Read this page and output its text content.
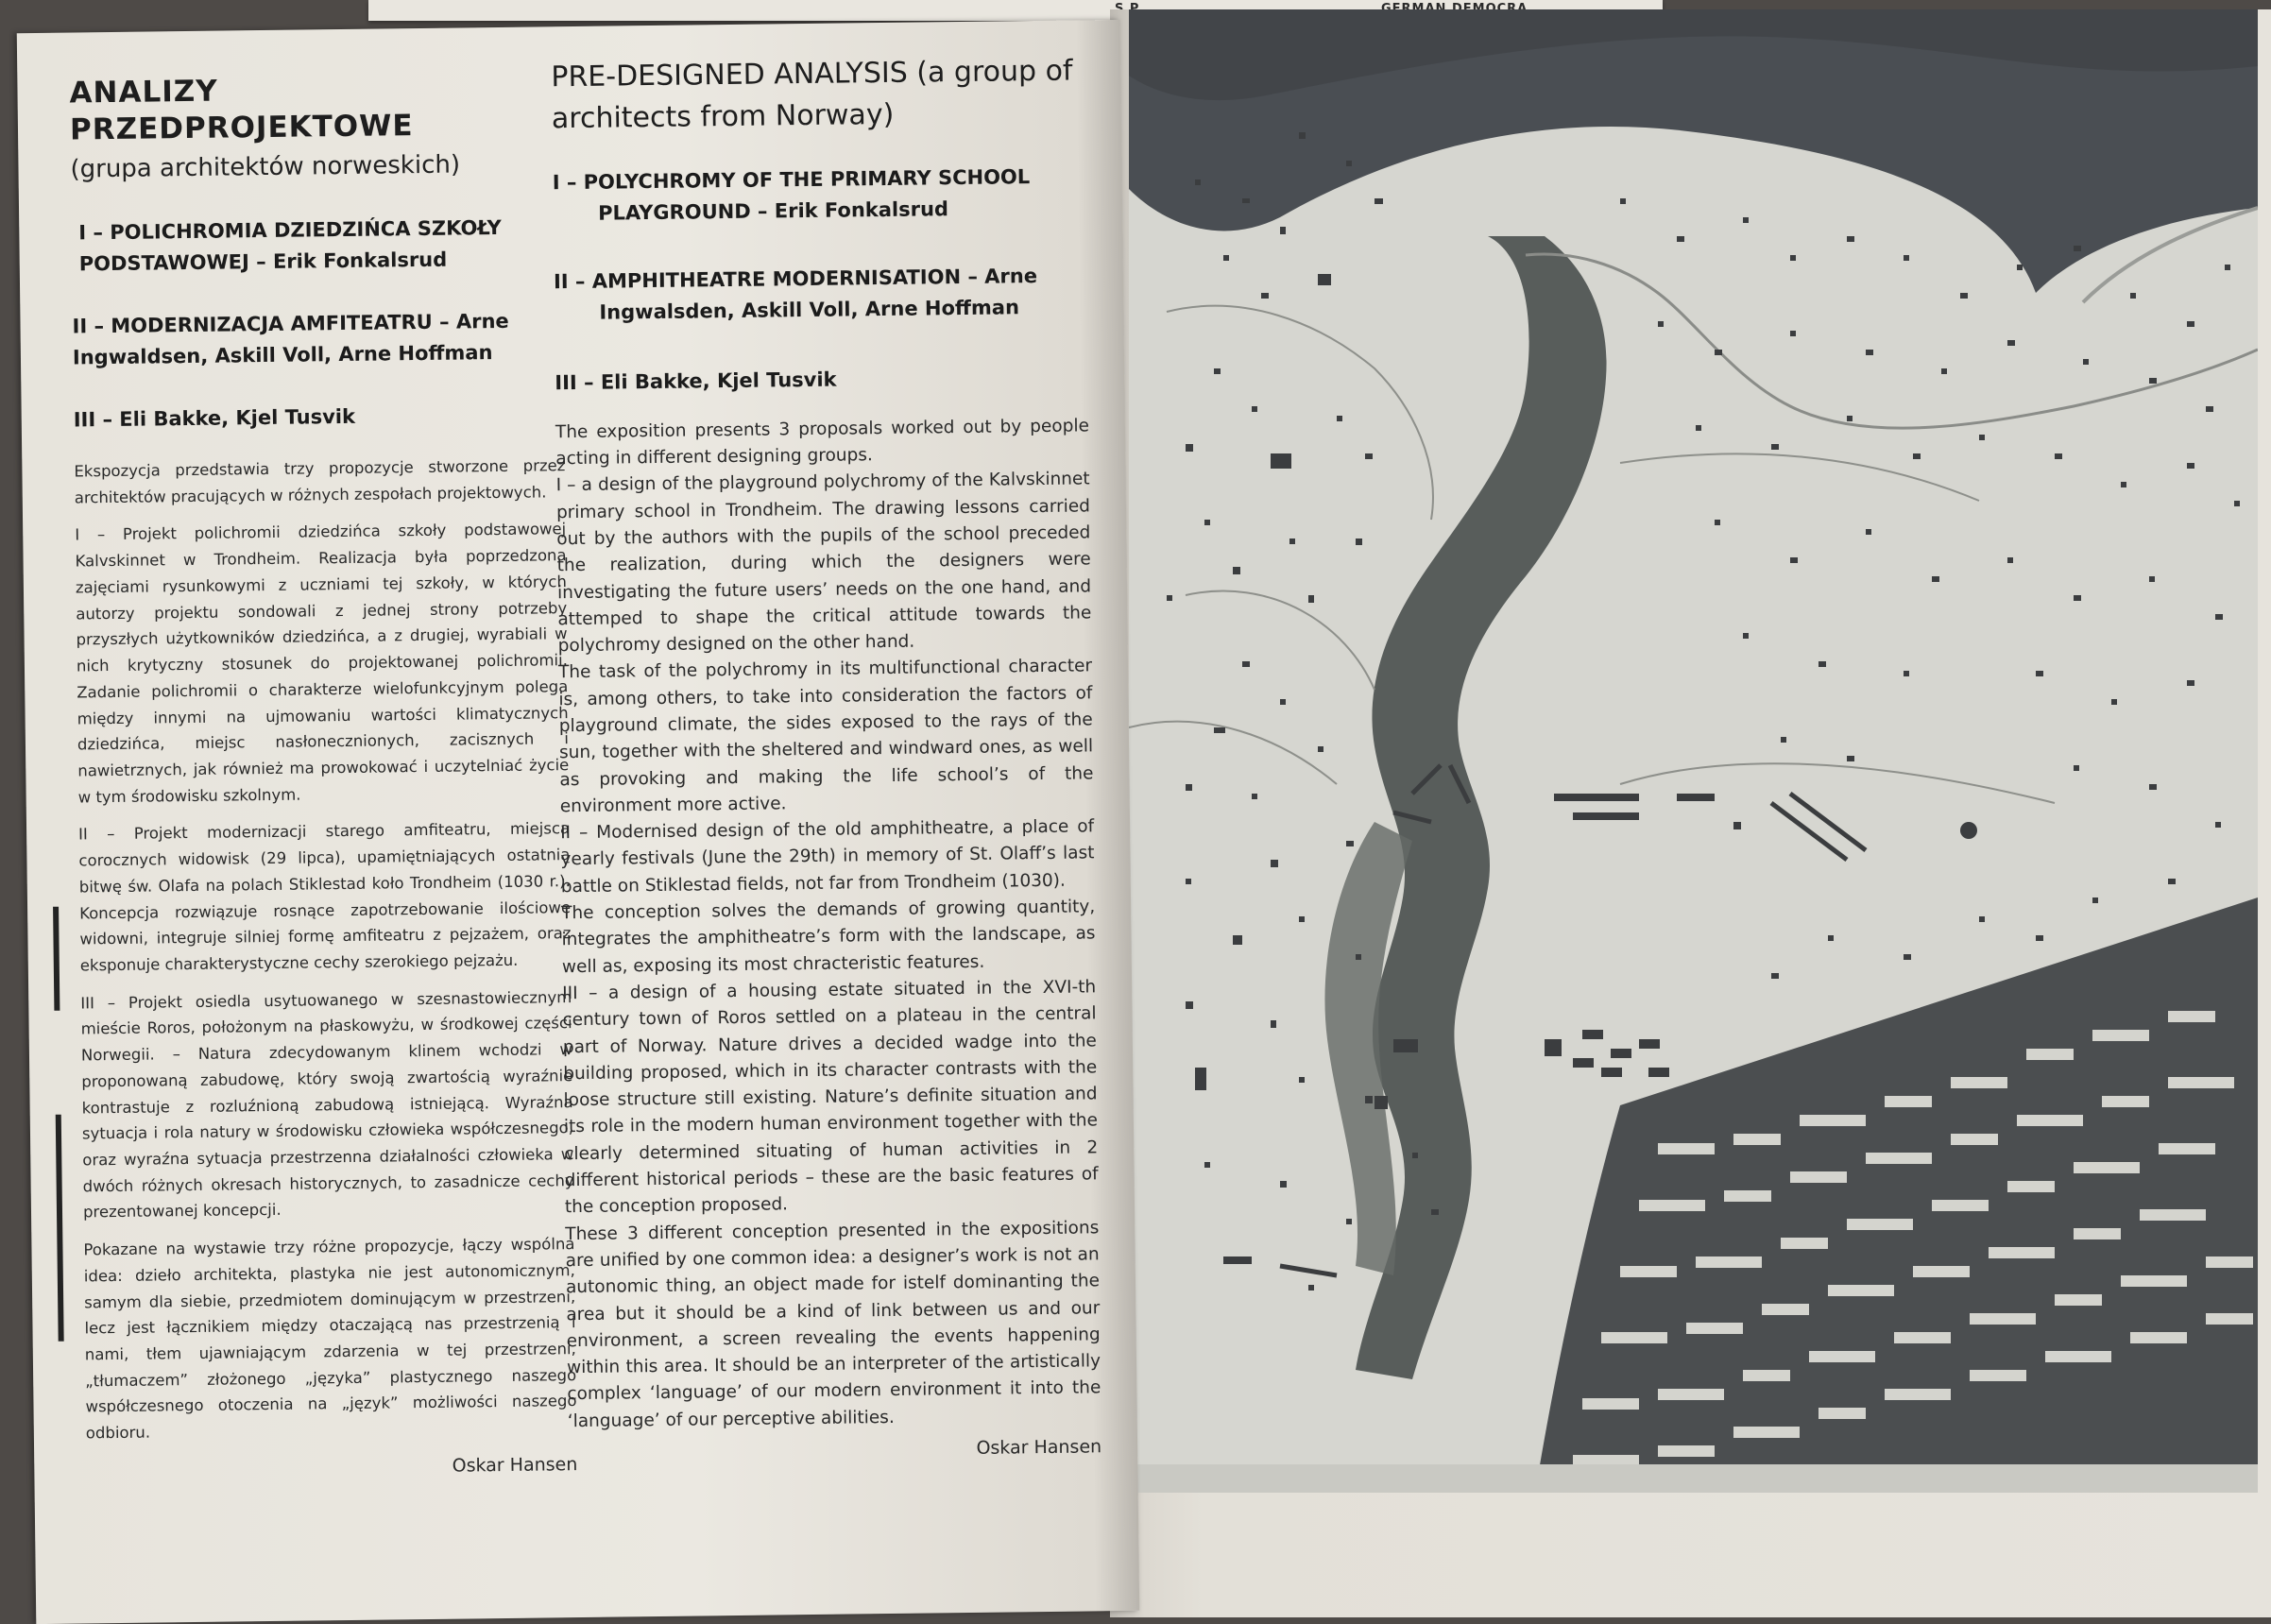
ANALIZY PRZEDPROJEKTOWE

(grupa architektów norweskich)

I – POLICHROMIA DZIEDZIŃCA SZKOŁY PODSTAWOWEJ – Erik Fonkalsrud

II – MODERNIZACJA AMFITEATRU – Arne Ingwaldsen, Askill Voll, Arne Hoffman

III – Eli Bakke, Kjel Tusvik

Ekspozycja przedstawia trzy propozycje stworzone przez architektów pracujących w różnych zespołach projektowych.

I – Projekt polichromii dziedzińca szkoły podstawowej Kalvskinnet w Trondheim. Realizacja była poprzedzona zajęciami rysunkowymi z uczniami tej szkoły, w których autorzy projektu sondowali z jednej strony potrzeby przyszłych użytkowników dziedzińca, a z drugiej, wyrabiali w nich krytyczny stosunek do projektowanej polichromii. Zadanie polichromii o charakterze wielofunkcyjnym polega między innymi na ujmowaniu wartości klimatycznych dziedzińca, miejsc nasłonecznionych, zacisznych i nawietrznych, jak również ma prowokować i uczytelniać życie w tym środowisku szkolnym.

II – Projekt modernizacji starego amfiteatru, miejsca corocznych widowisk (29 lipca), upamiętniających ostatnią bitwę św. Olafa na polach Stiklestad koło Trondheim (1030 r.). Koncepcja rozwiązuje rosnące zapotrzebowanie ilościowe widowni, integruje silniej formę amfiteatru z pejzażem, oraz eksponuje charakterystyczne cechy szerokiego pejzażu.

III – Projekt osiedla usytuowanego w szesnastowiecznym mieście Roros, położonym na płaskowyżu, w środkowej części Norwegii. – Natura zdecydowanym klinem wchodzi w proponowaną zabudowę, który swoją zwartością wyraźnie kontrastuje z rozluźnioną zabudową istniejącą. Wyraźna sytuacja i rola natury w środowisku człowieka współczesnego, oraz wyraźna sytuacja przestrzenna działalności człowieka w dwóch różnych okresach historycznych, to zasadnicze cechy prezentowanej koncepcji.

Pokazane na wystawie trzy różne propozycje, łączy wspólna idea: dzieło architekta, plastyka nie jest autonomicznym, samym dla siebie, przedmiotem dominującym w przestrzeni, lecz jest łącznikiem między otaczającą nas przestrzenią i nami, tłem ujawniającym zdarzenia w tej przestrzeni, „tłumaczem” złożonego „języka” plastycznego naszego współczesnego otoczenia na „język” możliwości naszego odbioru.

Oskar Hansen

PRE-DESIGNED ANALYSIS (a group of architects from Norway)

I – POLYCHROMY OF THE PRIMARY SCHOOL PLAYGROUND – Erik Fonkalsrud

II – AMPHITHEATRE MODERNISATION – Arne Ingwalsden, Askill Voll, Arne Hoffman

III – Eli Bakke, Kjel Tusvik

The exposition presents 3 proposals worked out by people acting in different designing groups.

I – a design of the playground polychromy of the Kalvskinnet primary school in Trondheim. The drawing lessons carried out by the authors with the pupils of the school preceded the realization, during which the designers were investigating the future users’ needs on the one hand, and attemped to shape the critical attitude towards the polychromy designed on the other hand.

The task of the polychromy in its multifunctional character is, among others, to take into consideration the factors of playground climate, the sides exposed to the rays of the sun, together with the sheltered and windward ones, as well as provoking and making the life school’s of the environment more active.

II – Modernised design of the old amphitheatre, a place of yearly festivals (June the 29th) in memory of St. Olaff’s last battle on Stiklestad fields, not far from Trondheim (1030).

The conception solves the demands of growing quantity, integrates the amphitheatre’s form with the landscape, as well as, exposing its most chracteristic features.

III – a design of a housing estate situated in the XVI-th century town of Roros settled on a plateau in the central part of Norway. Nature drives a decided wadge into the building proposed, which in its character contrasts with the loose structure still existing. Nature’s definite situation and its role in the modern human environment together with the clearly determined situating of human activities in 2 different historical periods – these are the basic features of the conception proposed.

These 3 different conception presented in the expositions are unified by one common idea: a designer’s work is not an autonomic thing, an object made for istelf dominanting the area but it should be a kind of link between us and our environment, a screen revealing the events happening within this area. It should be an interpreter of the artistically complex ‘language’ of our modern environment it into the ‘language’ of our perceptive abilities.

Oskar Hansen
